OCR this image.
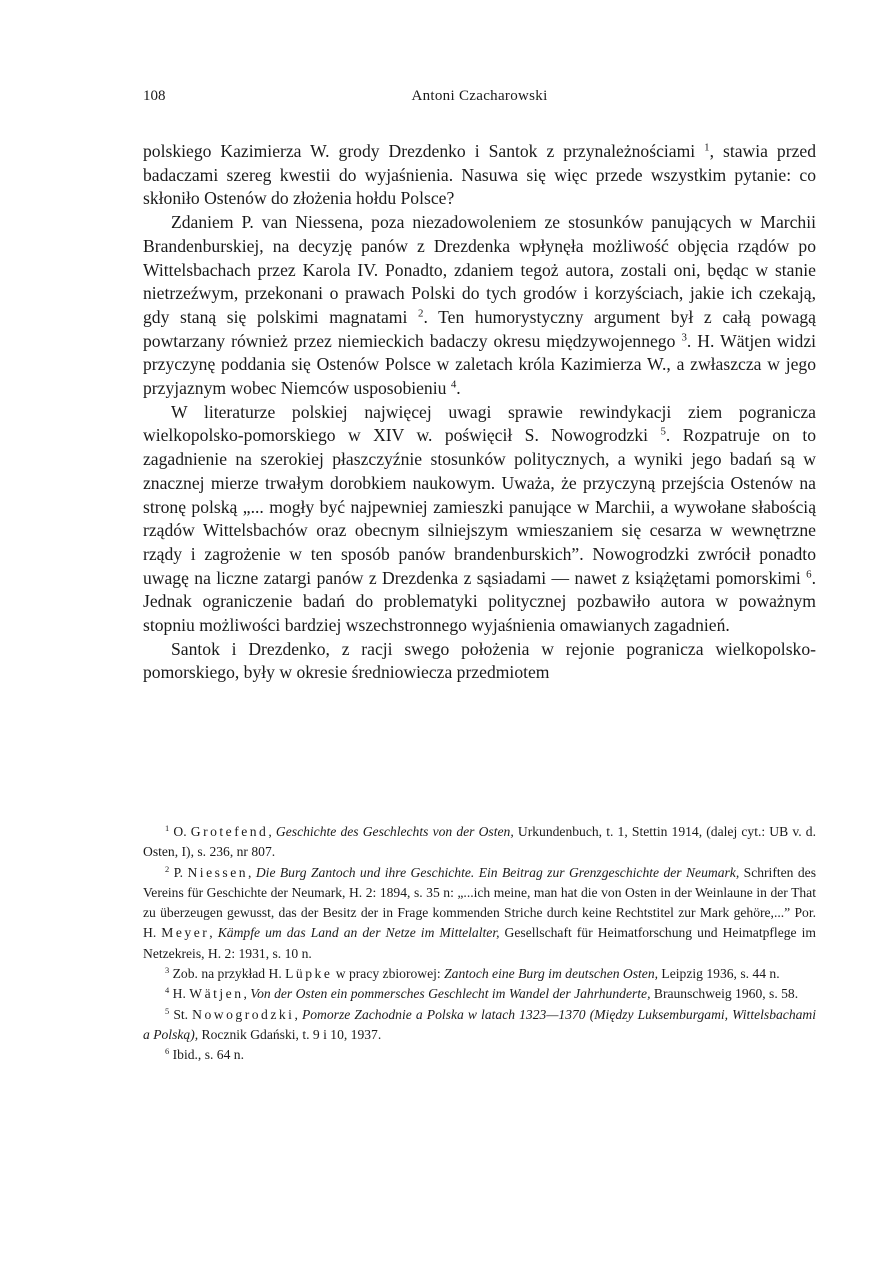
108	Antoni Czacharowski

polskiego Kazimierza W. grody Drezdenko i Santok z przynależnościami $^1$, stawia przed badaczami szereg kwestii do wyjaśnienia. Nasuwa się więc przede wszystkim pytanie: co skłoniło Ostenów do złożenia hołdu Polsce?

Zdaniem P. van Niessena, poza niezadowoleniem ze stosunków panujących w Marchii Brandenburskiej, na decyzję panów z Drezdenka wpłynęła możliwość objęcia rządów po Wittelsbachach przez Karola IV. Ponadto, zdaniem tegoż autora, zostali oni, będąc w stanie nietrzeźwym, przekonani o prawach Polski do tych grodów i korzyściach, jakie ich czekają, gdy staną się polskimi magnatami $^2$. Ten humorystyczny argument był z całą powagą powtarzany również przez niemieckich badaczy okresu międzywojennego $^3$. H. Wätjen widzi przyczynę poddania się Ostenów Polsce w zaletach króla Kazimierza W., a zwłaszcza w jego przyjaznym wobec Niemców usposobieniu $^4$.

W literaturze polskiej najwięcej uwagi sprawie rewindykacji ziem pogranicza wielkopolsko-pomorskiego w XIV w. poświęcił S. Nowogrodzki $^5$. Rozpatruje on to zagadnienie na szerokiej płaszczyźnie stosunków politycznych, a wyniki jego badań są w znacznej mierze trwałym dorobkiem naukowym. Uważa, że przyczyną przejścia Ostenów na stronę polską „... mogły być najpewniej zamieszki panujące w Marchii, a wywołane słabością rządów Wittelsbachów oraz obecnym silniejszym wmieszaniem się cesarza w wewnętrzne rządy i zagrożenie w ten sposób panów brandenburskich”. Nowogrodzki zwrócił ponadto uwagę na liczne zatargi panów z Drezdenka z sąsiadami — nawet z książętami pomorskimi $^6$. Jednak ograniczenie badań do problematyki politycznej pozbawiło autora w poważnym stopniu możliwości bardziej wszechstronnego wyjaśnienia omawianych zagadnień.

Santok i Drezdenko, z racji swego położenia w rejonie pogranicza wielkopolsko-pomorskiego, były w okresie średniowiecza przedmiotem

$^1$ O. Grotefend, Geschichte des Geschlechts von der Osten, Urkundenbuch, t. 1, Stettin 1914, (dalej cyt.: UB v. d. Osten, I), s. 236, nr 807.

$^2$ P. Niessen, Die Burg Zantoch und ihre Geschichte. Ein Beitrag zur Grenzgeschichte der Neumark, Schriften des Vereins für Geschichte der Neumark, H. 2: 1894, s. 35 n: „...ich meine, man hat die von Osten in der Weinlaune in der That zu überzeugen gewusst, das der Besitz der in Frage kommenden Striche durch keine Rechtstitel zur Mark gehöre,...” Por. H. Meyer, Kämpfe um das Land an der Netze im Mittelalter, Gesellschaft für Heimatforschung und Heimatpflege im Netzekreis, H. 2: 1931, s. 10 n.

$^3$ Zob. na przykład H. Lüpke w pracy zbiorowej: Zantoch eine Burg im deutschen Osten, Leipzig 1936, s. 44 n.

$^4$ H. Wätjen, Von der Osten ein pommersches Geschlecht im Wandel der Jahrhunderte, Braunschweig 1960, s. 58.

$^5$ St. Nowogrodzki, Pomorze Zachodnie a Polska w latach 1323—1370 (Między Luksemburgami, Wittelsbachami a Polską), Rocznik Gdański, t. 9 i 10, 1937.

$^6$ Ibid., s. 64 n.
